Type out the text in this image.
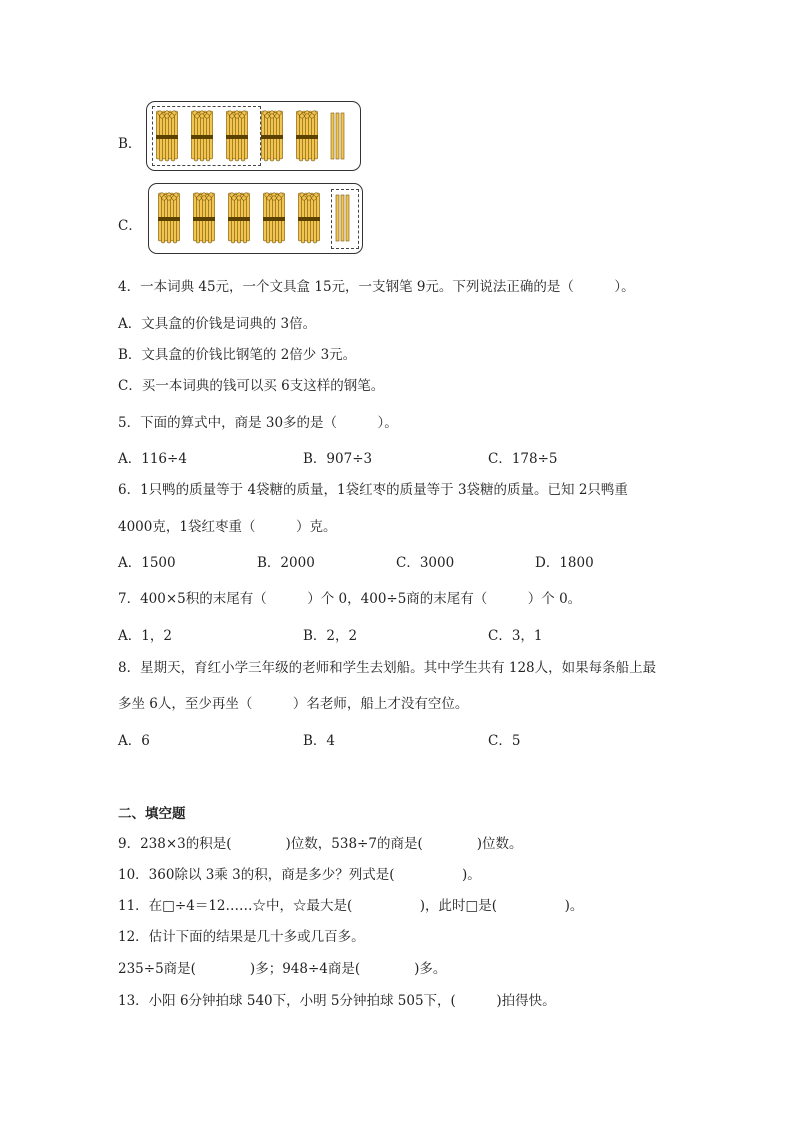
B．
C．
4．一本词典 45元，一个文具盒 15元，一支钢笔 9元。下列说法正确的是（　　　）。
A．文具盒的价钱是词典的 3倍。
B．文具盒的价钱比钢笔的 2倍少 3元。
C．买一本词典的钱可以买 6支这样的钢笔。
5．下面的算式中，商是 30多的是（　　　）。
A．116÷4	B．907÷3	C．178÷5
6．1只鸭的质量等于 4袋糖的质量，1袋红枣的质量等于 3袋糖的质量。已知 2只鸭重
4000克，1袋红枣重（　　　）克。
A．1500	B．2000	C．3000	D．1800
7．400×5积的末尾有（　　　）个 0，400÷5商的末尾有（　　　）个 0。
A．1，2	B．2，2	C．3，1
8．星期天，育红小学三年级的老师和学生去划船。其中学生共有 128人，如果每条船上最
多坐 6人，至少再坐（　　　）名老师，船上才没有空位。
A．6	B．4	C．5
二、填空题
9．238×3的积是(　　　　)位数，538÷7的商是(　　　　)位数。
10．360除以 3乘 3的积，商是多少？列式是(　　　　　)。
11．在□÷4＝12……☆中，☆最大是(　　　　　)，此时□是(　　　　　)。
12．估计下面的结果是几十多或几百多。
235÷5商是(　　　　)多；948÷4商是(　　　　)多。
13．小阳 6分钟拍球 540下，小明 5分钟拍球 505下，(　　　)拍得快。
